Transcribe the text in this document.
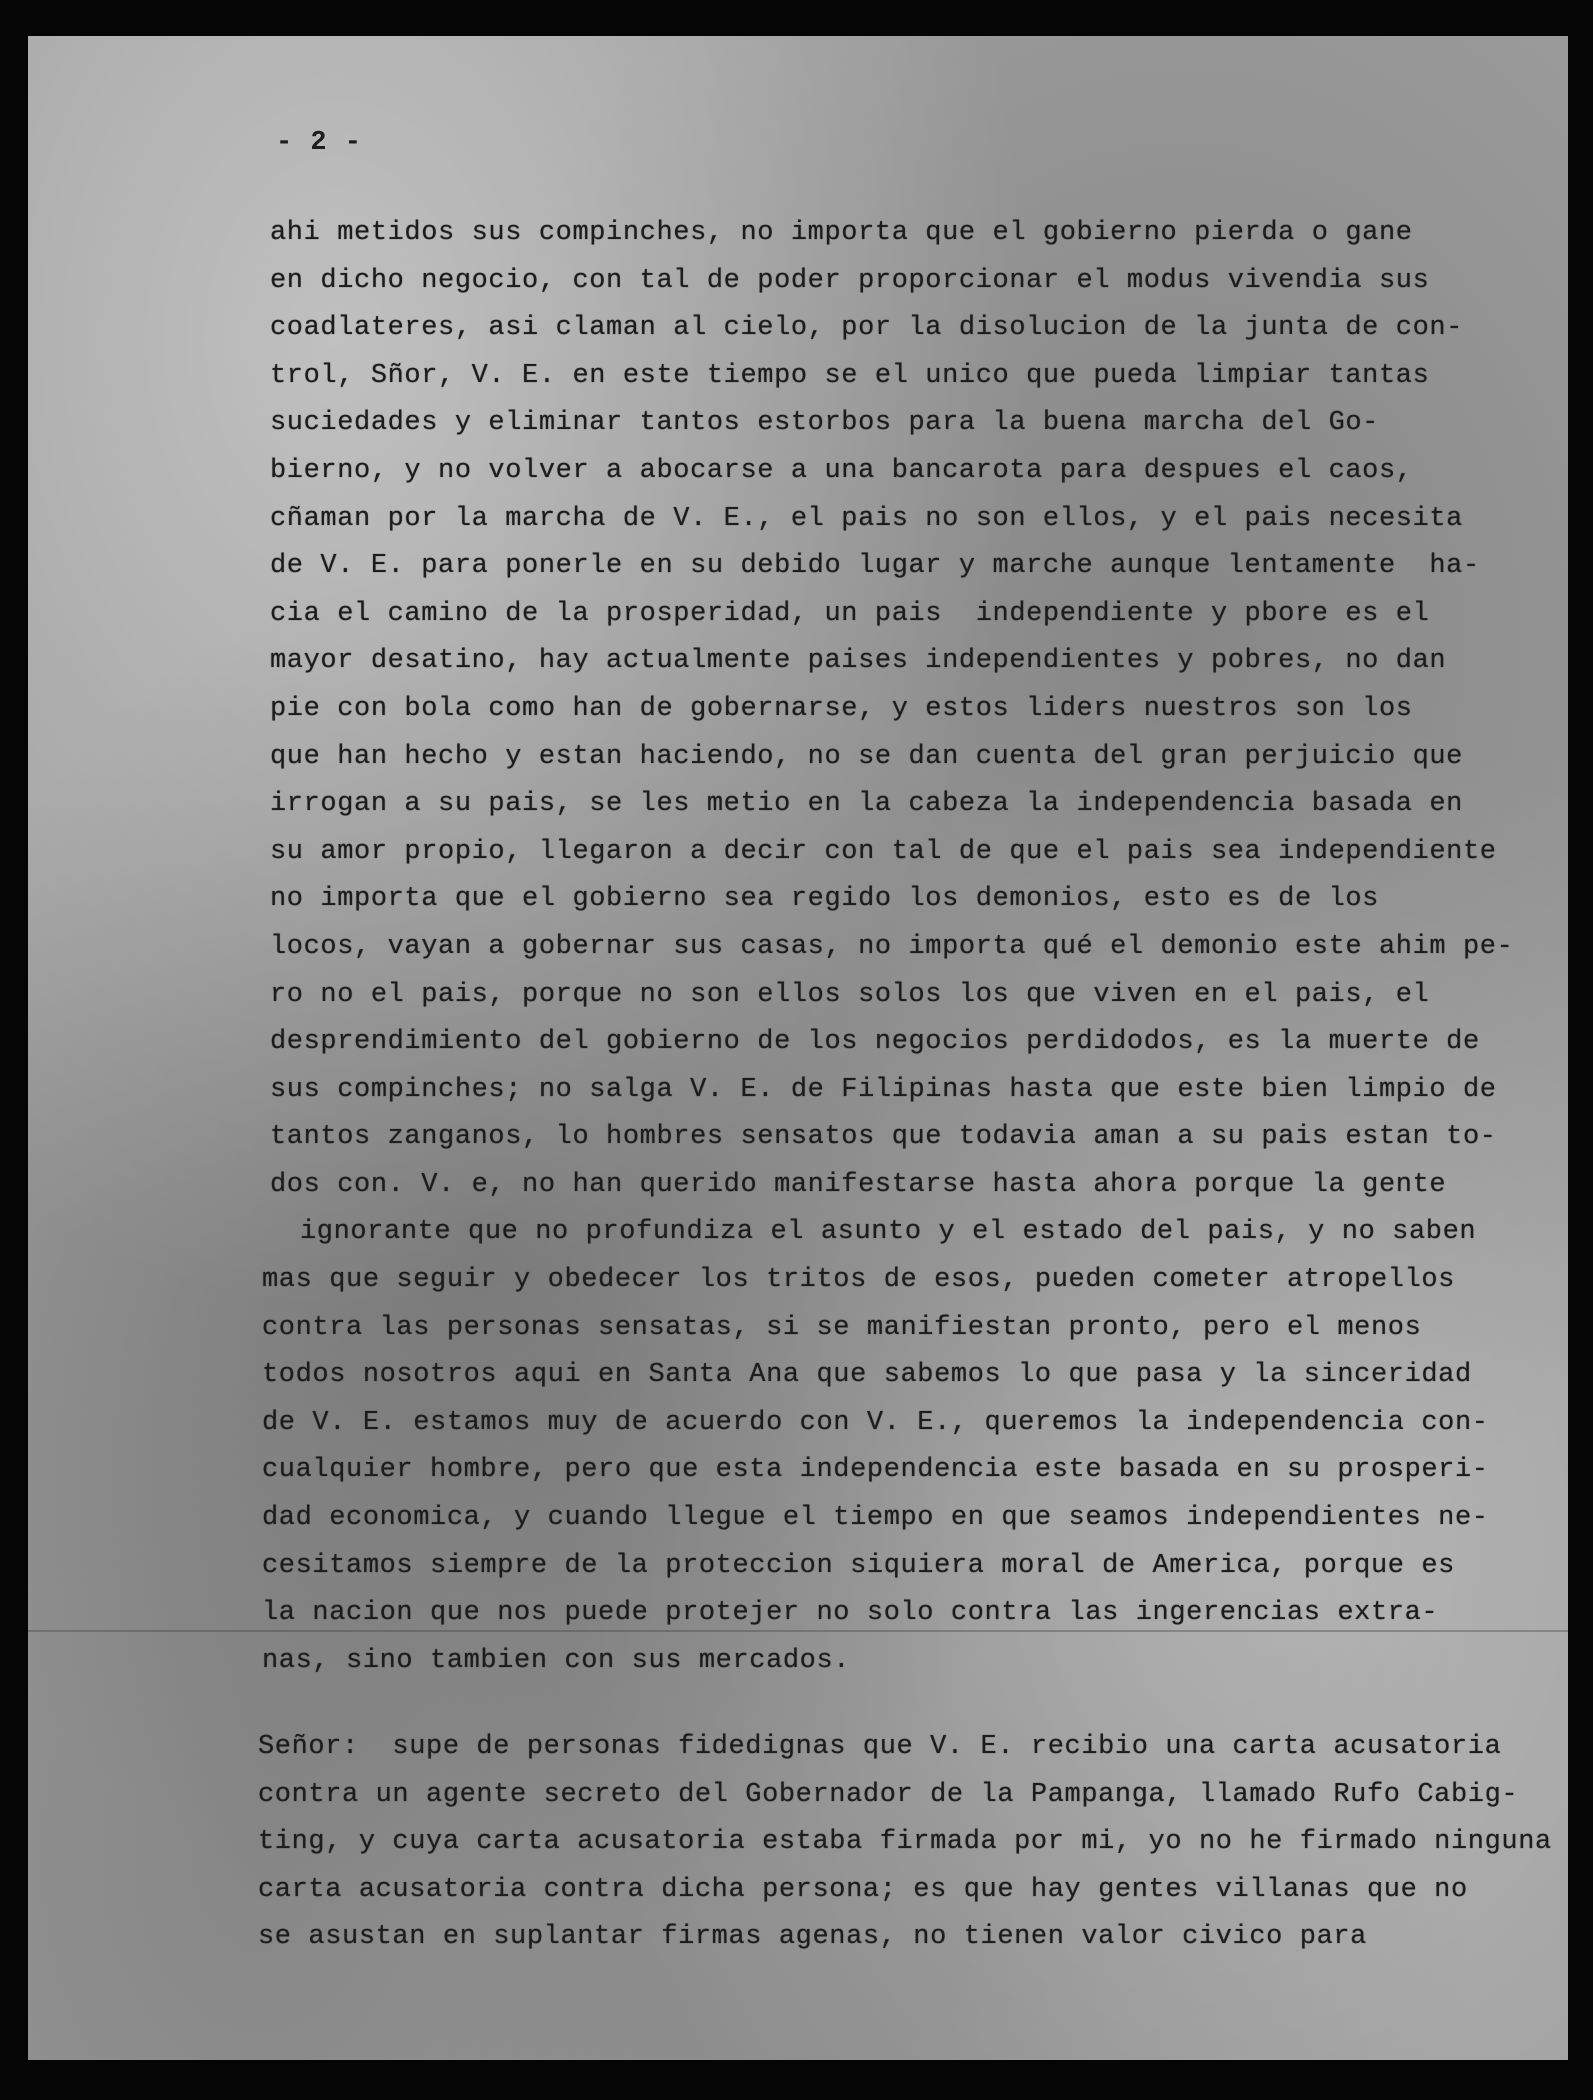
- 2 -
ahi metidos sus compinches, no importa que el gobierno pierda o gane
en dicho negocio, con tal de poder proporcionar el modus vivendia sus
coadlateres, asi claman al cielo, por la disolucion de la junta de con-
trol, Sñor, V. E. en este tiempo se el unico que pueda limpiar tantas
suciedades y eliminar tantos estorbos para la buena marcha del Go-
bierno, y no volver a abocarse a una bancarota para despues el caos,
cñaman por la marcha de V. E., el pais no son ellos, y el pais necesita
de V. E. para ponerle en su debido lugar y marche aunque lentamente  ha-
cia el camino de la prosperidad, un pais  independiente y pbore es el
mayor desatino, hay actualmente paises independientes y pobres, no dan
pie con bola como han de gobernarse, y estos liders nuestros son los
que han hecho y estan haciendo, no se dan cuenta del gran perjuicio que
irrogan a su pais, se les metio en la cabeza la independencia basada en
su amor propio, llegaron a decir con tal de que el pais sea independiente
no importa que el gobierno sea regido los demonios, esto es de los
locos, vayan a gobernar sus casas, no importa qué el demonio este ahim pe-
ro no el pais, porque no son ellos solos los que viven en el pais, el
desprendimiento del gobierno de los negocios perdidodos, es la muerte de
sus compinches; no salga V. E. de Filipinas hasta que este bien limpio de
tantos zanganos, lo hombres sensatos que todavia aman a su pais estan to-
dos con. V. e, no han querido manifestarse hasta ahora porque la gente
ignorante que no profundiza el asunto y el estado del pais, y no saben
mas que seguir y obedecer los tritos de esos, pueden cometer atropellos
contra las personas sensatas, si se manifiestan pronto, pero el menos
todos nosotros aqui en Santa Ana que sabemos lo que pasa y la sinceridad
de V. E. estamos muy de acuerdo con V. E., queremos la independencia con-
cualquier hombre, pero que esta independencia este basada en su prosperi-
dad economica, y cuando llegue el tiempo en que seamos independientes ne-
cesitamos siempre de la proteccion siquiera moral de America, porque es
la nacion que nos puede protejer no solo contra las ingerencias extra-
nas, sino tambien con sus mercados.
Señor:  supe de personas fidedignas que V. E. recibio una carta acusatoria
contra un agente secreto del Gobernador de la Pampanga, llamado Rufo Cabig-
ting, y cuya carta acusatoria estaba firmada por mi, yo no he firmado ninguna
carta acusatoria contra dicha persona; es que hay gentes villanas que no
se asustan en suplantar firmas agenas, no tienen valor civico para
